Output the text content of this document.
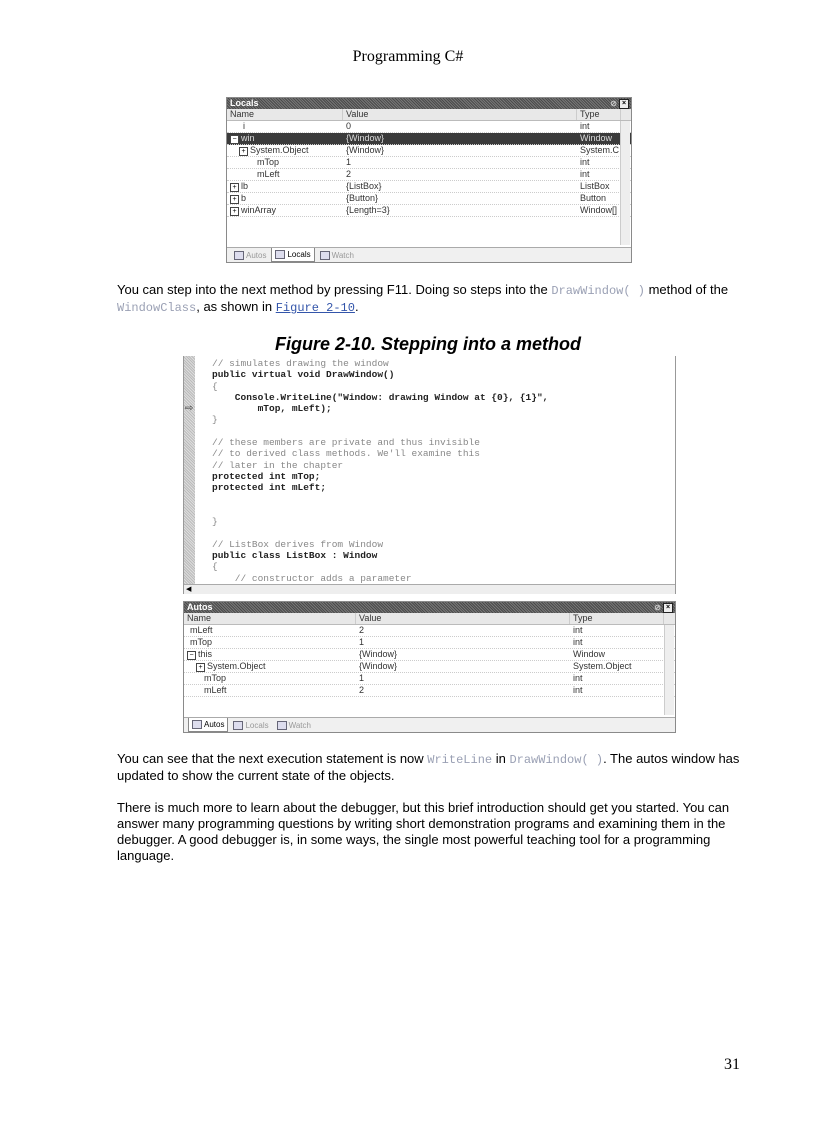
Programming C#
Locals	⊘ ×
Name	Value	Type
i	0	int
− win	{Window}	Window
+ System.Object	{Window}	System.C
mTop	1	int
mLeft	2	int
+ lb	{ListBox}	ListBox
+ b	{Button}	Button
+ winArray	{Length=3}	Window[]
Autos	Locals	Watch
You can step into the next method by pressing F11. Doing so steps into the DrawWindow( ) method of the WindowClass, as shown in Figure 2-10.
Figure 2-10. Stepping into a method
⇨
// simulates drawing the window
public virtual void DrawWindow()
{
Console.WriteLine("Window: drawing Window at {0}, {1}",
mTop, mLeft);
}

// these members are private and thus invisible
// to derived class methods. We'll examine this
// later in the chapter
protected int mTop;
protected int mLeft;

}

// ListBox derives from Window
public class ListBox : Window
{
// constructor adds a parameter
◀
Autos	⊘ ×
Name	Value	Type
mLeft	2	int
mTop	1	int
− this	{Window}	Window
+ System.Object	{Window}	System.Object
mTop	1	int
mLeft	2	int
Autos	Locals	Watch
You can see that the next execution statement is now WriteLine in DrawWindow( ). The autos window has updated to show the current state of the objects.
There is much more to learn about the debugger, but this brief introduction should get you started. You can answer many programming questions by writing short demonstration programs and examining them in the debugger. A good debugger is, in some ways, the single most powerful teaching tool for a programming language.
31
